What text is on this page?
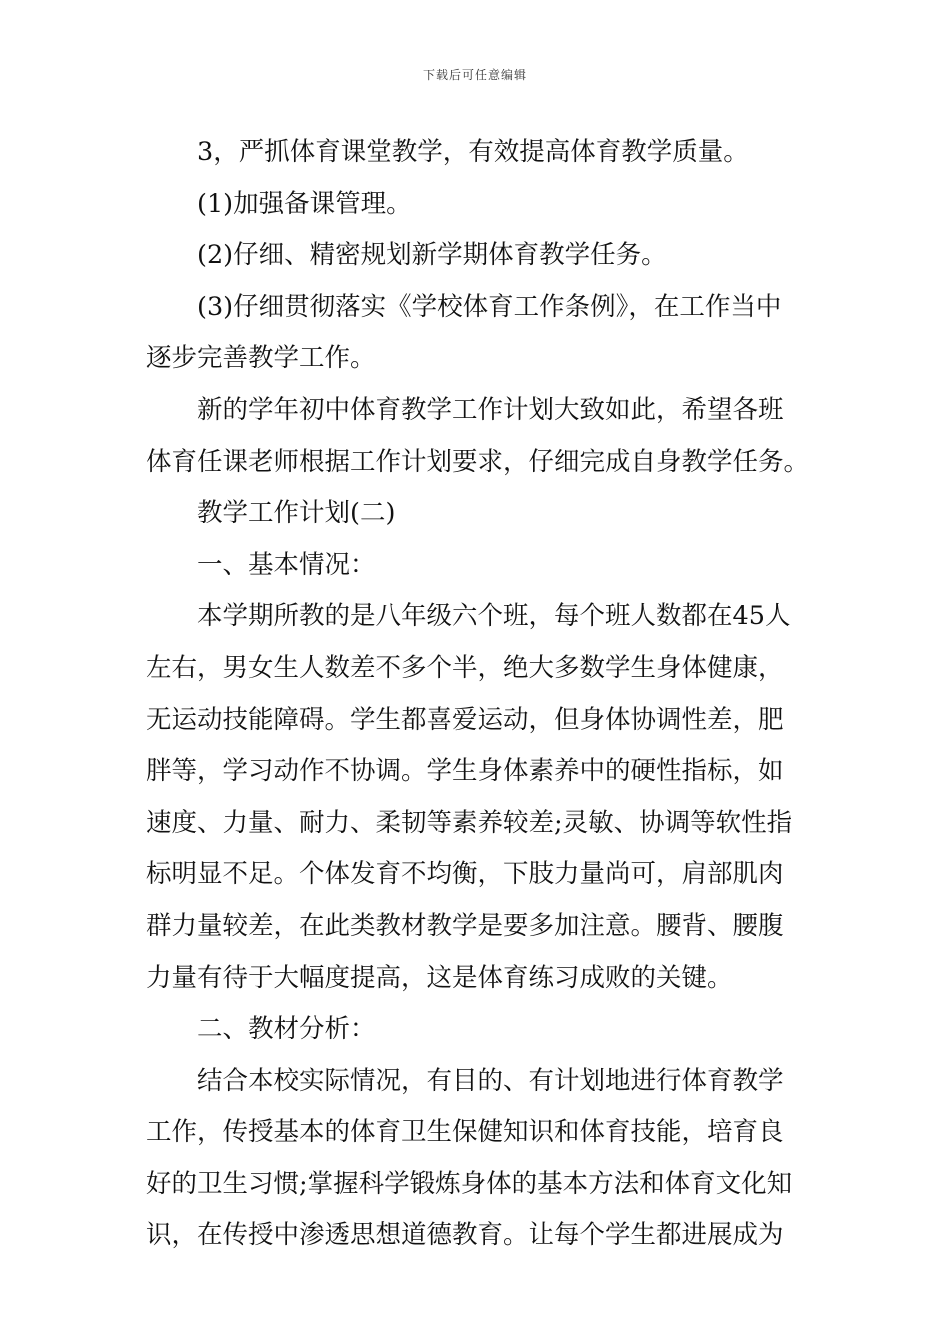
下载后可任意编辑
3，严抓体育课堂教学，有效提高体育教学质量。
(1)加强备课管理。
(2)仔细、精密规划新学期体育教学任务。
(3)仔细贯彻落实《学校体育工作条例》，在工作当中
逐步完善教学工作。
新的学年初中体育教学工作计划大致如此，希望各班
体育任课老师根据工作计划要求，仔细完成自身教学任务。
教学工作计划(二)
一、基本情况：
本学期所教的是八年级六个班，每个班人数都在45人
左右，男女生人数差不多个半，绝大多数学生身体健康，
无运动技能障碍。学生都喜爱运动，但身体协调性差，肥
胖等，学习动作不协调。学生身体素养中的硬性指标，如
速度、力量、耐力、柔韧等素养较差;灵敏、协调等软性指
标明显不足。个体发育不均衡，下肢力量尚可，肩部肌肉
群力量较差，在此类教材教学是要多加注意。腰背、腰腹
力量有待于大幅度提高，这是体育练习成败的关键。
二、教材分析：
结合本校实际情况，有目的、有计划地进行体育教学
工作，传授基本的体育卫生保健知识和体育技能，培育良
好的卫生习惯;掌握科学锻炼身体的基本方法和体育文化知
识，在传授中渗透思想道德教育。让每个学生都进展成为
